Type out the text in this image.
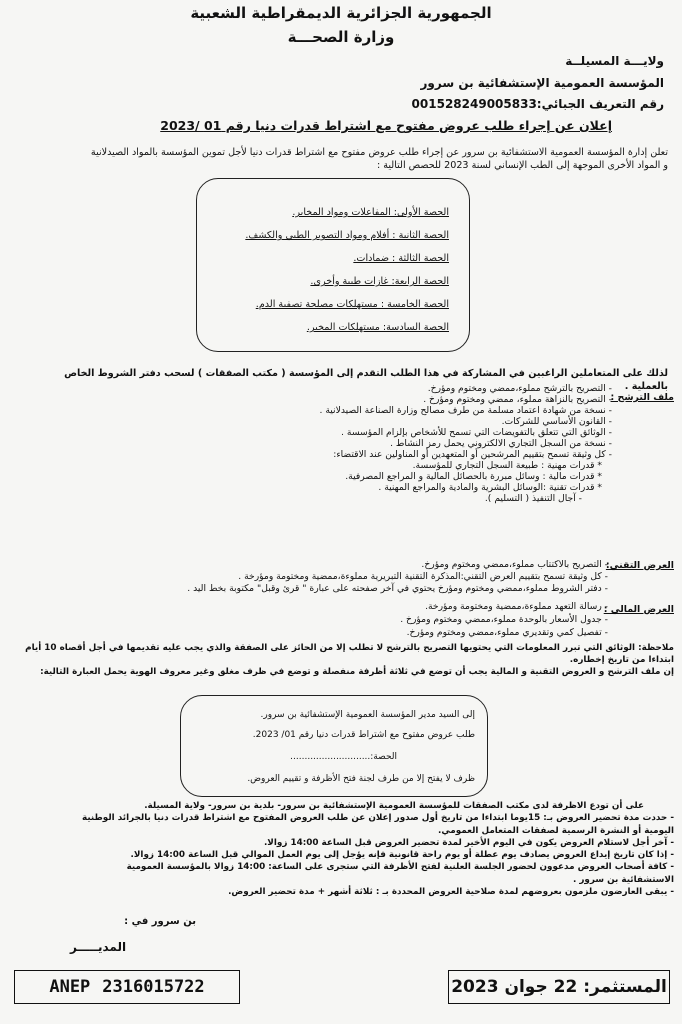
الجمهورية الجزائرية الديمقراطية الشعبية
وزارة الصحـــة
ولايـــة المسيلــة
المؤسسة العمومية الإستشفائية بن سرور
رقم التعريف الجبائي:001528249005833
إعلان عن إجراء طلب عروض مفتوح مع اشتراط قدرات دنيا رقم 01 /2023
تعلن إدارة المؤسسة العمومية الاستشفائية بن سرور عن إجراء طلب عروض مفتوح مع اشتراط قدرات دنيا لأجل تموين المؤسسة بالمواد الصيدلانية
و المواد الأخرى الموجهة إلى الطب الإنساني لسنة 2023 للحصص التالية :
الحصة الأولى: المفاعلات ومواد المخابر.
الحصة الثانية : أفلام ومواد التصوير الطبي والكشف.
الحصة الثالثة : ضمادات.
الحصة الرابعة: غازات طبية وأخرى.
الحصة الخامسة : مستهلكات مصلحة تصفية الدم.
الحصة السادسة: مستهلكات المخبر.
لذلك على المتعاملين الراغبين في المشاركة في هذا الطلب التقدم إلى المؤسسة ( مكتب الصفقات ) لسحب دفتر الشروط الخاص بالعملية .
ملف الترشح :
- التصريح بالترشح مملوء،ممضي ومختوم ومؤرخ.
- التصريح بالنزاهة مملوء، ممضي ومختوم ومؤرخ .
- نسخة من شهادة اعتماد مسلمة من طرف مصالح وزارة الصناعة الصيدلانية .
- القانون الأساسي للشركات.
- الوثائق التي تتعلق بالتفويضات التي تسمح للأشخاص بإلزام المؤسسة .
- نسخة من السجل التجاري الالكتروني يحمل رمز النشاط .
- كل وثيقة تسمح بتقييم المرشحين أو المتعهدين أو المناولين عند الاقتضاء:
* قدرات مهنية : طبيعة السجل التجاري للمؤسسة.
* قدرات مالية : وسائل مبررة بالحصائل المالية و المراجع المصرفية.
* قدرات تقنية :الوسائل البشرية والمادية والمراجع المهنية .
- آجال التنفيذ ( التسليم ).
العرض التقني:
- التصريح بالاكتتاب مملوء،ممضي ومختوم ومؤرخ.
- كل وثيقة تسمح بتقييم العرض التقني:المذكرة التقنية التبريرية مملوءة،ممضية ومختومة ومؤرخة .
- دفتر الشروط مملوء،ممضي ومختوم ومؤرخ يحتوي في آخر صفحته على عبارة " قرئ وقبل" مكتوبة بخط اليد .
العرض المالي :
- رسالة التعهد مملوءة،ممضية ومختومة ومؤرخة.
- جدول الأسعار بالوحدة مملوء،ممضي ومختوم ومؤرخ .
- تفصيل كمي وتقديري مملوء،ممضي ومختوم ومؤرخ.
ملاحظة: الوثائق التي تبرر المعلومات التي يحتويها التصريح بالترشح لا تطلب إلا من الحائز على الصفقة والذي يجب عليه تقديمها في أجل أقصاه 10 أيام
ابتداءا من تاريخ إخطاره.
إن ملف الترشح و العروض التقنية و المالية يجب أن توضع في ثلاثة أظرفة منفصلة و توضع في ظرف مغلق وغير معروف الهوية يحمل العبارة التالية:
إلى السيد مدير المؤسسة العمومية الإستشفائية بن سرور.
طلب عروض مفتوح مع اشتراط قدرات دنيا رقم 01/ 2023.
الحصة:............................
ظرف لا يفتح إلا من طرف لجنة فتح الأظرفة و تقييم العروض.
على أن تودع الاظرفة لدى مكتب الصفقات للمؤسسة العمومية الإستشفائية بن سرور- بلدية بن سرور- ولاية المسيلة.
- حددت مدة تحضير العروض بـ: 15يوما ابتداءا من تاريخ أول صدور إعلان عن طلب العروض المفتوح مع اشتراط قدرات دنيا بالجرائد الوطنية
اليومية أو النشرة الرسمية لصفقات المتعامل العمومي.
- آخر أجل لاستلام العروض يكون في اليوم الأخير لمدة تحضير العروض قبل الساعة 14:00 زوالا.
- إذا كان تاريخ إيداع العروض يصادف يوم عطلة أو يوم راحة قانونية فإنه يؤجل إلى يوم العمل الموالي قبل الساعة 14:00 زوالا.
- كافة أصحاب العروض مدعوون لحضور الجلسة العلنية لفتح الأظرفة التي ستجرى على الساعة: 14:00 زوالا بالمؤسسة العمومية
الاستشفائية بن سرور .
- يبقى العارضون ملزمون بعروضهم لمدة صلاحية العروض المحددة بـ : ثلاثة أشهر + مدة تحضير العروض.
بن سرور في :
المديـــــر
ANEP 2316015722	المستثمر: 22 جوان 2023
